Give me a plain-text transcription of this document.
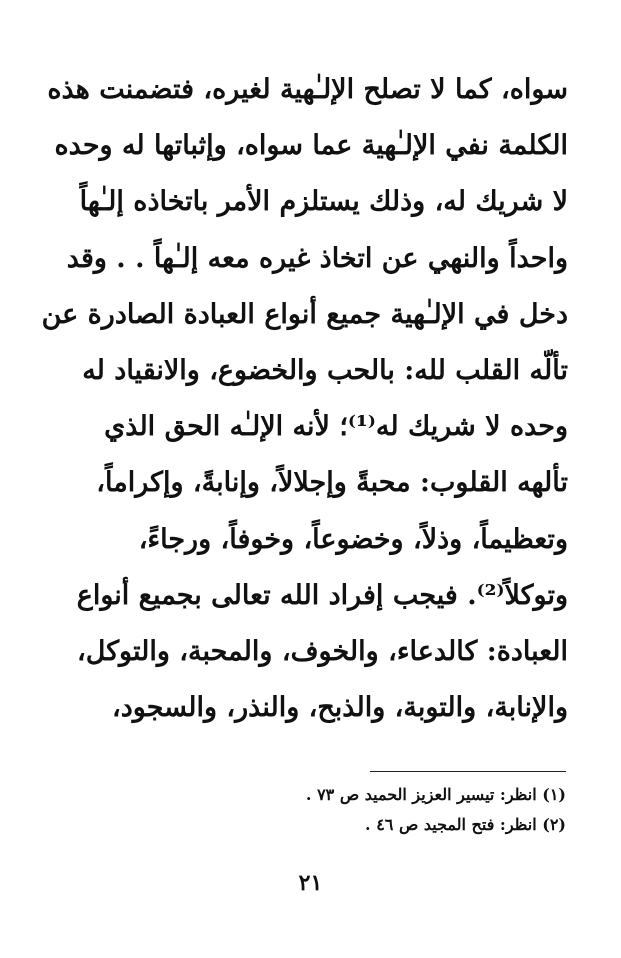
سواه، كما لا تصلح الإلـٰهية لغيره، فتضمنت هذه
الكلمة نفي الإلـٰهية عما سواه، وإثباتها له وحده
لا شريك له، وذلك يستلزم الأمر باتخاذه إلـٰهاً
واحداً والنهي عن اتخاذ غيره معه إلـٰهاً . . وقد
دخل في الإلـٰهية جميع أنواع العبادة الصادرة عن
تألّه القلب لله: بالحب والخضوع، والانقياد له
وحده لا شريك له⁽¹⁾؛ لأنه الإلـٰه الحق الذي
تألهه القلوب: محبةً وإجلالاً، وإنابةً، وإكراماً،
وتعظيماً، وذلاً، وخضوعاً، وخوفاً، ورجاءً،
وتوكلاً⁽²⁾. فيجب إفراد الله تعالى بجميع أنواع
العبادة: كالدعاء، والخوف، والمحبة، والتوكل،
والإنابة، والتوبة، والذبح، والنذر، والسجود،
(١) انظر: تيسير العزيز الحميد ص ٧٣ .
(٢) انظر: فتح المجيد ص ٤٦ .
٢١
